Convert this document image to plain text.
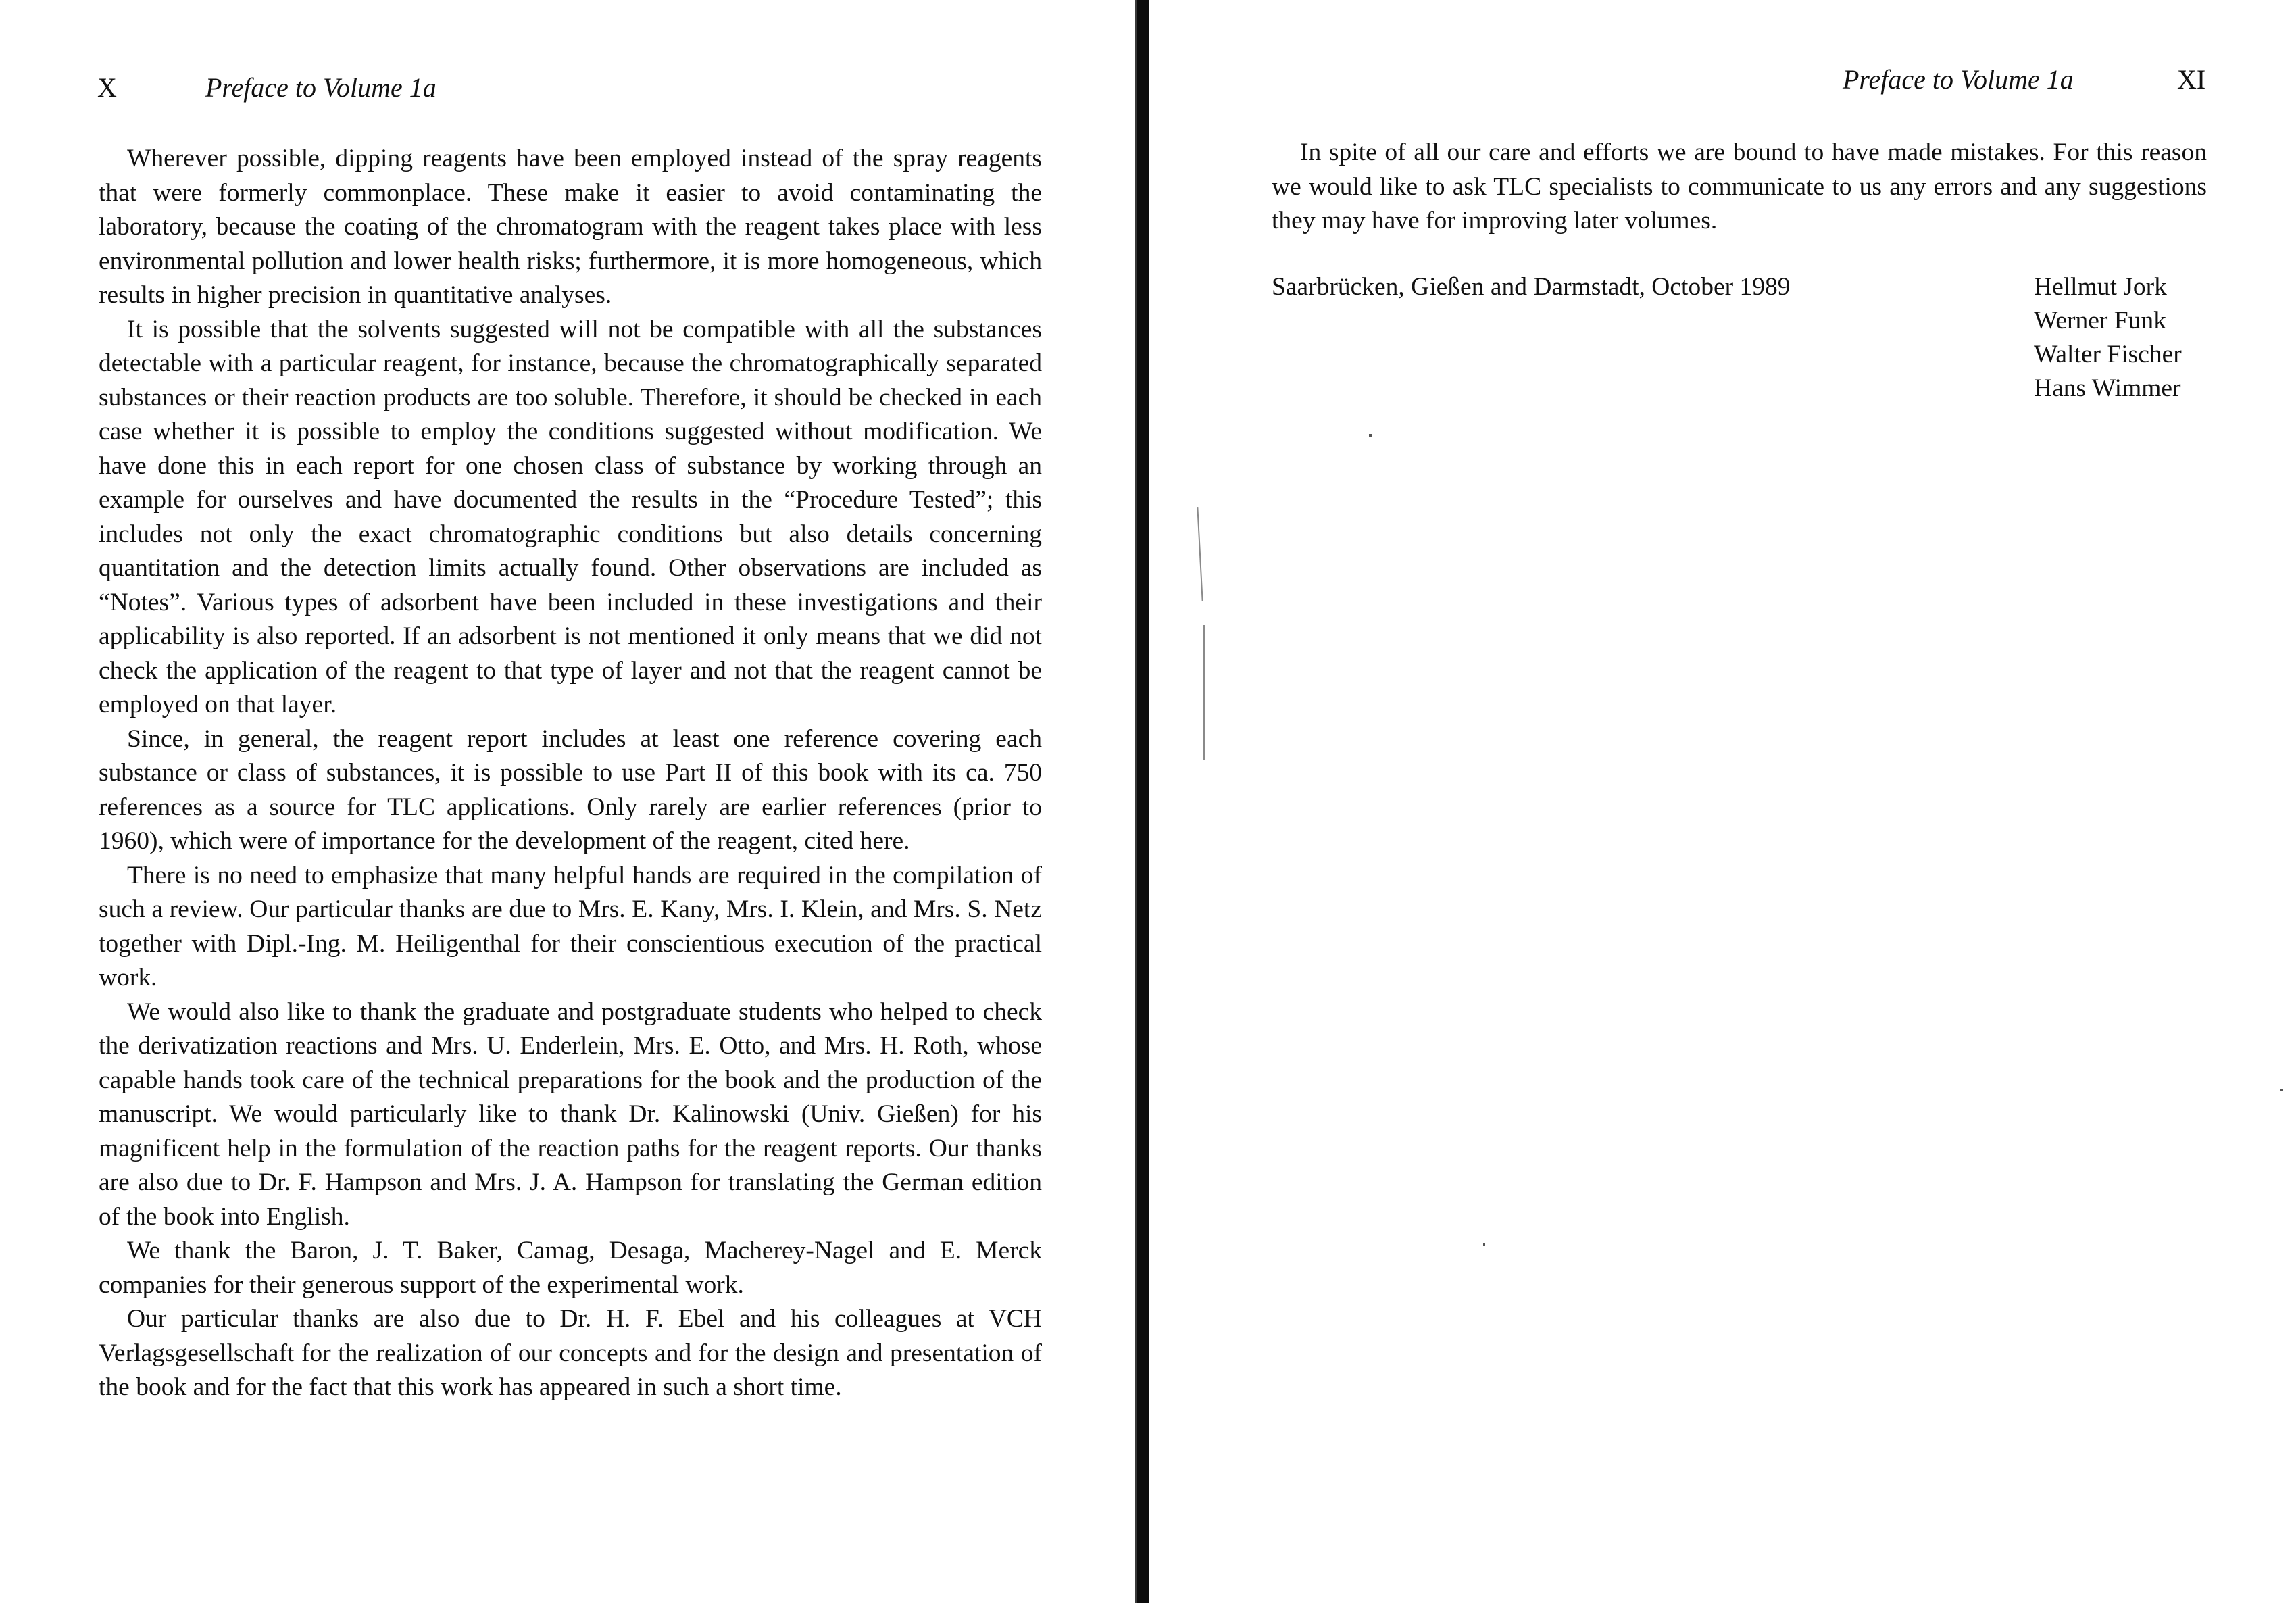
X	Preface to Volume 1a

Wherever possible, dipping reagents have been employed instead of the spray reagents that were formerly commonplace. These make it easier to avoid contaminating the laboratory, because the coating of the chromatogram with the reagent takes place with less environmental pollution and lower health risks; furthermore, it is more homogeneous, which results in higher precision in quantitative analyses.

It is possible that the solvents suggested will not be compatible with all the substances detectable with a particular reagent, for instance, because the chromatographically separated substances or their reaction products are too soluble. Therefore, it should be checked in each case whether it is possible to employ the conditions suggested without modification. We have done this in each report for one chosen class of substance by working through an example for ourselves and have documented the results in the “Procedure Tested”; this includes not only the exact chromatographic conditions but also details concerning quantitation and the detection limits actually found. Other observations are included as “Notes”. Various types of adsorbent have been included in these investigations and their applicability is also reported. If an adsorbent is not mentioned it only means that we did not check the application of the reagent to that type of layer and not that the reagent cannot be employed on that layer.

Since, in general, the reagent report includes at least one reference covering each substance or class of substances, it is possible to use Part II of this book with its ca. 750 references as a source for TLC applications. Only rarely are earlier references (prior to 1960), which were of importance for the development of the reagent, cited here.

There is no need to emphasize that many helpful hands are required in the compilation of such a review. Our particular thanks are due to Mrs. E. Kany, Mrs. I. Klein, and Mrs. S. Netz together with Dipl.-Ing. M. Heiligenthal for their conscientious execution of the practical work.

We would also like to thank the graduate and postgraduate students who helped to check the derivatization reactions and Mrs. U. Enderlein, Mrs. E. Otto, and Mrs. H. Roth, whose capable hands took care of the technical preparations for the book and the production of the manuscript. We would particularly like to thank Dr. Kalinowski (Univ. Gießen) for his magnificent help in the formulation of the reaction paths for the reagent reports. Our thanks are also due to Dr. F. Hampson and Mrs. J. A. Hampson for translating the German edition of the book into English.

We thank the Baron, J. T. Baker, Camag, Desaga, Macherey-Nagel and E. Merck companies for their generous support of the experimental work.

Our particular thanks are also due to Dr. H. F. Ebel and his colleagues at VCH Verlagsgesellschaft for the realization of our concepts and for the design and presentation of the book and for the fact that this work has appeared in such a short time.

Preface to Volume 1a	XI

In spite of all our care and efforts we are bound to have made mistakes. For this reason we would like to ask TLC specialists to communicate to us any errors and any suggestions they may have for improving later volumes.

Saarbrücken, Gießen and Darmstadt, October 1989	Hellmut Jork
Werner Funk
Walter Fischer
Hans Wimmer
